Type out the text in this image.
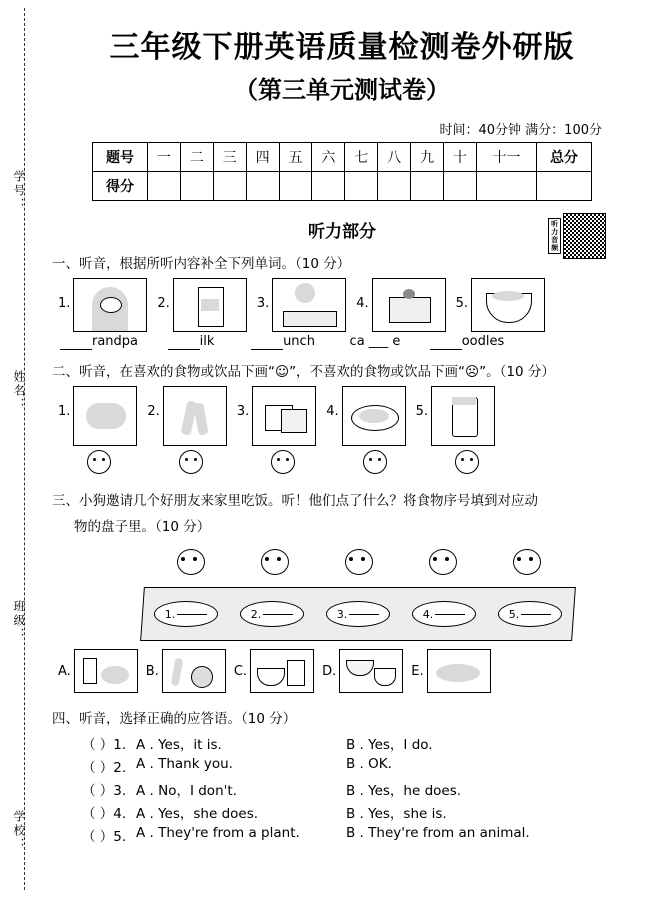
学号：
姓名：
班级：
学校：
三年级下册英语质量检测卷外研版
（第三单元测试卷）
时间：40分钟 满分：100分
题号	一	二	三	四	五	六	七	八	九	十	十一	总分
得分												
听力部分	听力音频
一、听音，根据所听内容补全下列单词。（10 分）
1.	2.	3.	4.	5.
randpa	ilk	unch	ca ___ e	oodles
二、听音，在喜欢的食物或饮品下画“☺”，不喜欢的食物或饮品下画“☹”。（10 分）
1.	2.	3.	4.	5.
三、小狗邀请几个好朋友来家里吃饭。听！他们点了什么？将食物序号填到对应动
物的盘子里。（10 分）
1.	2.	3.	4.	5.
A.	B.	C.	D.	E.
四、听音，选择正确的应答语。（10 分）
（ ）1. A . Yes，it is.	B . Yes，I do.
（ ）2. A . Thank you.	B . OK.
（ ）3. A . No，I don't.	B . Yes，he does.
（ ）4. A . Yes，she does.	B . Yes，she is.
（ ）5. A . They're from a plant.	B . They're from an animal.
